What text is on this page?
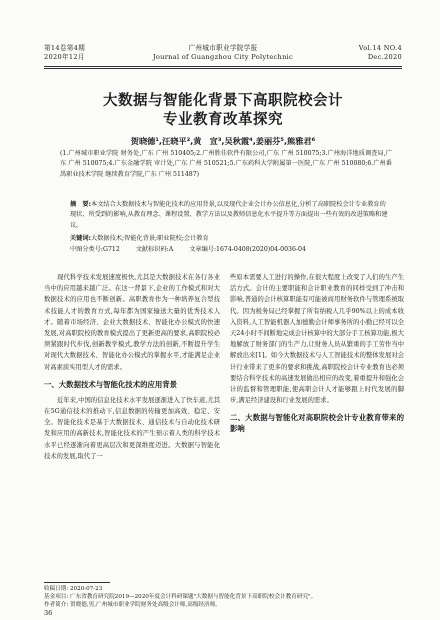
第14卷第4期
2020年12月
广州城市职业学院学报
Journal of Guangzhou City Polytechnic
Vol.14 NO.4
Dec.2020
大数据与智能化背景下高职院校会计
专业教育改革探究
贺晓德¹,汪晓平²,黄　宣³,吴秋霞⁴,姜丽芬⁵,熊雅君⁶
(1.广州城市职业学院 财务处,广东 广州 510405;2.广州胜佳软件有限公司,广东 广州 510075;3.广州海洋地质调查局,广东 广州 510075;4.广东金融学院 审计处,广东 广州 510521;5.广东药科大学附属第一医院,广东 广州 510080;6.广州番禺职业技术学院 继续教育学院,广东 广州 511487)
摘　要:本文结合大数据技术与智能化技术的应用背景,以及现代企业会计办公信息化,分析了高职院校会计专业教育的现状、所受到的影响,从教育理念、课程设置、教学方法以及教师信息化水平提升等方面提出一些有效的改进策略和建议。
关键词:大数据技术;智能化背景;职业院校;会计教育
中图分类号:G712	文献标识码:A	文章编号:1674-0408(2020)04-0036-04

现代科学技术发展速度极快,尤其是大数据技术在各行各业当中的应用越来越广泛。在这一背景下,企业的工作模式和对大数据技术的应用也不断创新。高职教育作为一种培养复合型技术技能人才的教育方式,每年都为国家输送大量的优秀技术人才。随着市场经济、企业大数据技术、智能化办公模式的快速发展,对高职院校的教育模式提出了更新更高的要求,高职院校必须紧跟时代步伐,创新教学模式,教学方法的创新,不断提升学生对现代大数据技术、智能化办公模式的掌握水平,才能满足企业对高素质实用型人才的需求。

一、大数据技术与智能化技术的应用背景

近年来,中国的信息化技术水平发展逐渐进入了快车道,尤其在5G通信技术的推动下,信息数据的传输更加高效、稳定、安全。智能化技术是基于大数据技术、通信技术与自动化技术研发和应用的高新技术,智能化技术的产生预示着人类的科学技术水平已经逐渐向着更高层次和更深维度迈进。大数据与智能化技术的发展,取代了一

些原本需要人工进行的操作,在很大程度上改变了人们的生产生活方式。会计的主要职能和会计职业教育的同样受到了冲击和影响,普通的会计核算职能有可能被商用财务软件与管理系统取代。因为税务局已经掌握了所有纳税人几乎90%以上的成本收入资料,人工智能机器人加德勤会计师事务所的小勤已经可以全天24小时不间断地完成会计核算中的大部分手工核算功能,极大地解放了财务部门的生产力,让财务人员从繁重的手工劳作当中解放出来[1]。如今大数据技术与人工智能技术的整体发展对会计行业带来了更多的要求和挑战,高职院校会计专业教育也必须要结合科学技术的高速发展做出相应的改变,着重提升和强化会计的监督和管理职能,使高职会计人才能够跟上时代发展的脚步,满足经济建设和行业发展的需求。

二、大数据与智能化对高职院校会计专业教育带来的影响

收稿日期: 2020-07-23
基金项目: 广东省教育研究院2019—2020年度会计科研课题"大数据与智能化背景下高职院校会计教育研究"。
作者简介: 贺晓德,男,广州城市职业学院财务处高级会计师,高级经济师。
36
